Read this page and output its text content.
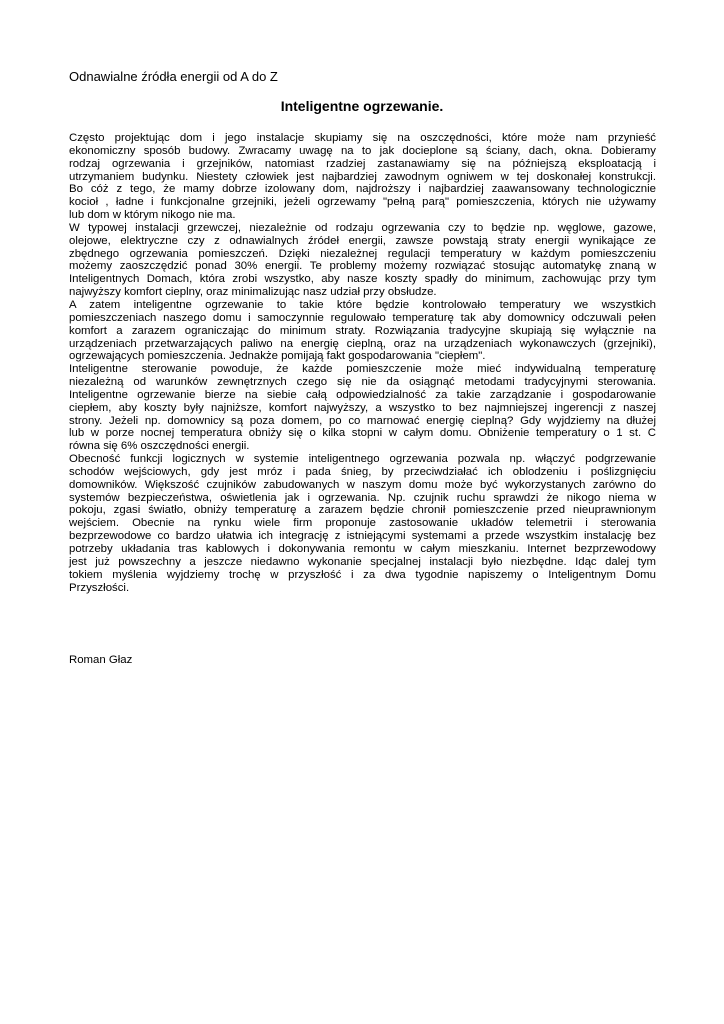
Odnawialne źródła energii od A do Z
Inteligentne ogrzewanie.
Często projektując dom i jego instalacje skupiamy się na oszczędności, które może nam przynieść
ekonomiczny sposób budowy. Zwracamy uwagę na to jak docieplone są ściany, dach, okna. Dobieramy
rodzaj ogrzewania i grzejników, natomiast rzadziej zastanawiamy się na późniejszą eksploatacją i
utrzymaniem budynku. Niestety człowiek jest najbardziej zawodnym ogniwem w tej doskonałej konstrukcji.
Bo cóż z tego, że mamy dobrze izolowany dom, najdroższy i najbardziej zaawansowany technologicznie
kocioł , ładne i funkcjonalne grzejniki, jeżeli ogrzewamy "pełną parą" pomieszczenia, których nie używamy
lub dom w którym nikogo nie ma.
W typowej instalacji grzewczej, niezależnie od rodzaju ogrzewania czy to będzie np. węglowe, gazowe,
olejowe, elektryczne czy z odnawialnych źródeł energii, zawsze powstają straty energii wynikające ze
zbędnego ogrzewania pomieszczeń. Dzięki niezależnej regulacji temperatury w każdym pomieszczeniu
możemy zaoszczędzić ponad 30% energii. Te problemy możemy rozwiązać stosując automatykę znaną w
Inteligentnych Domach, która zrobi wszystko, aby nasze koszty spadły do minimum, zachowując przy tym
najwyższy komfort cieplny, oraz minimalizując nasz udział przy obsłudze.
A zatem inteligentne ogrzewanie to takie które będzie kontrolowało temperatury we wszystkich
pomieszczeniach naszego domu i samoczynnie regulowało temperaturę tak aby domownicy odczuwali pełen
komfort a zarazem ograniczając do minimum straty. Rozwiązania tradycyjne skupiają się wyłącznie na
urządzeniach przetwarzających paliwo na energię cieplną, oraz na urządzeniach wykonawczych (grzejniki),
ogrzewających pomieszczenia. Jednakże pomijają fakt gospodarowania "ciepłem".
Inteligentne sterowanie powoduje, że każde pomieszczenie może mieć indywidualną temperaturę
niezależną od warunków zewnętrznych czego się nie da osiągnąć metodami tradycyjnymi sterowania.
Inteligentne ogrzewanie bierze na siebie całą odpowiedzialność za takie zarządzanie i gospodarowanie
ciepłem, aby koszty były najniższe, komfort najwyższy, a wszystko to bez najmniejszej ingerencji z naszej
strony. Jeżeli np. domownicy są poza domem, po co marnować energię cieplną? Gdy wyjdziemy na dłużej
lub w porze nocnej temperatura obniży się o kilka stopni w całym domu. Obniżenie temperatury o 1 st. C
równa się 6% oszczędności energii.
Obecność funkcji logicznych w systemie inteligentnego ogrzewania pozwala np. włączyć podgrzewanie
schodów wejściowych, gdy jest mróz i pada śnieg, by przeciwdziałać ich oblodzeniu i poślizgnięciu
domowników. Większość czujników zabudowanych w naszym domu może być wykorzystanych zarówno do
systemów bezpieczeństwa, oświetlenia jak i ogrzewania. Np. czujnik ruchu sprawdzi że nikogo niema w
pokoju, zgasi światło, obniży temperaturę a zarazem będzie chronił pomieszczenie przed nieuprawnionym
wejściem. Obecnie na rynku wiele firm proponuje zastosowanie układów telemetrii i sterowania
bezprzewodowe co bardzo ułatwia ich integrację z istniejącymi systemami a przede wszystkim instalację bez
potrzeby układania tras kablowych i dokonywania remontu w całym mieszkaniu. Internet bezprzewodowy
jest już powszechny a jeszcze niedawno wykonanie specjalnej instalacji było niezbędne. Idąc dalej tym
tokiem myślenia wyjdziemy trochę w przyszłość i za dwa tygodnie napiszemy o Inteligentnym Domu
Przyszłości.
Roman Głaz
